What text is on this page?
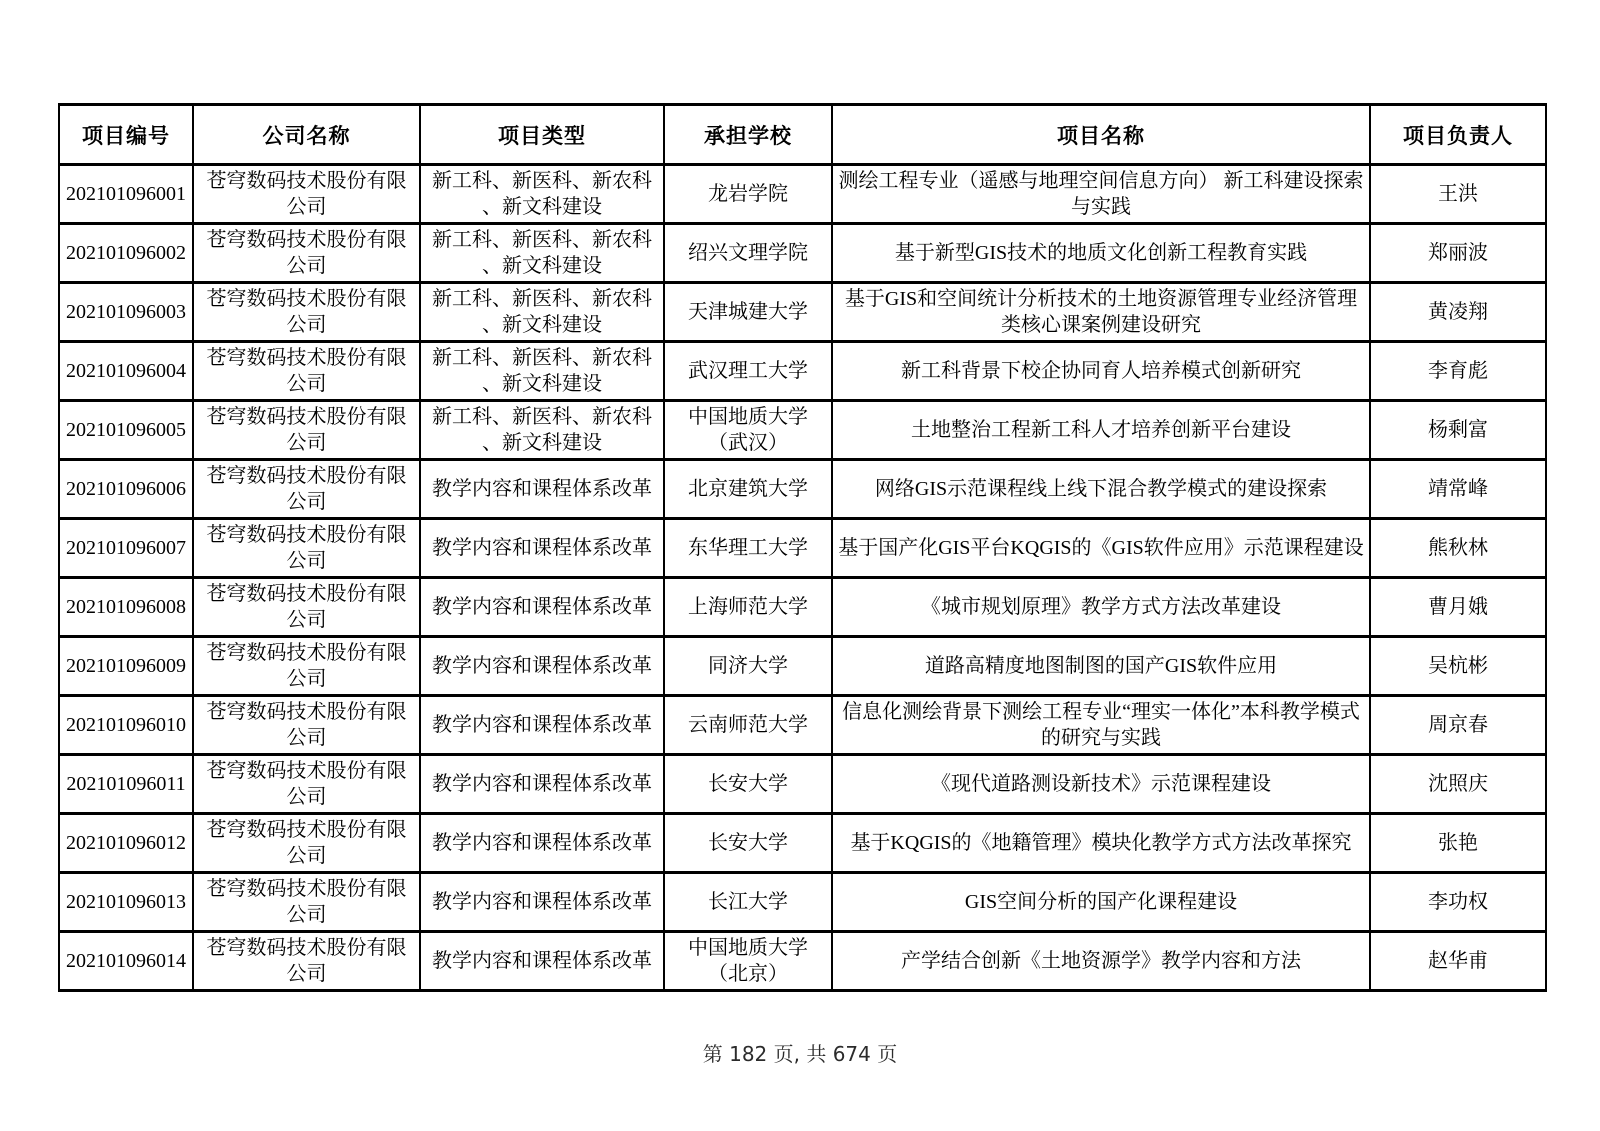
项目编号	公司名称	项目类型	承担学校	项目名称	项目负责人
202101096001	苍穹数码技术股份有限公司	新工科、新医科、新农科、新文科建设	龙岩学院	测绘工程专业（遥感与地理空间信息方向） 新工科建设探索与实践	王洪
202101096002	苍穹数码技术股份有限公司	新工科、新医科、新农科、新文科建设	绍兴文理学院	基于新型GIS技术的地质文化创新工程教育实践	郑丽波
202101096003	苍穹数码技术股份有限公司	新工科、新医科、新农科、新文科建设	天津城建大学	基于GIS和空间统计分析技术的土地资源管理专业经济管理类核心课案例建设研究	黄凌翔
202101096004	苍穹数码技术股份有限公司	新工科、新医科、新农科、新文科建设	武汉理工大学	新工科背景下校企协同育人培养模式创新研究	李育彪
202101096005	苍穹数码技术股份有限公司	新工科、新医科、新农科、新文科建设	中国地质大学（武汉）	土地整治工程新工科人才培养创新平台建设	杨剩富
202101096006	苍穹数码技术股份有限公司	教学内容和课程体系改革	北京建筑大学	网络GIS示范课程线上线下混合教学模式的建设探索	靖常峰
202101096007	苍穹数码技术股份有限公司	教学内容和课程体系改革	东华理工大学	基于国产化GIS平台KQGIS的《GIS软件应用》示范课程建设	熊秋林
202101096008	苍穹数码技术股份有限公司	教学内容和课程体系改革	上海师范大学	《城市规划原理》教学方式方法改革建设	曹月娥
202101096009	苍穹数码技术股份有限公司	教学内容和课程体系改革	同济大学	道路高精度地图制图的国产GIS软件应用	吴杭彬
202101096010	苍穹数码技术股份有限公司	教学内容和课程体系改革	云南师范大学	信息化测绘背景下测绘工程专业“理实一体化”本科教学模式的研究与实践	周京春
202101096011	苍穹数码技术股份有限公司	教学内容和课程体系改革	长安大学	《现代道路测设新技术》示范课程建设	沈照庆
202101096012	苍穹数码技术股份有限公司	教学内容和课程体系改革	长安大学	基于KQGIS的《地籍管理》模块化教学方式方法改革探究	张艳
202101096013	苍穹数码技术股份有限公司	教学内容和课程体系改革	长江大学	GIS空间分析的国产化课程建设	李功权
202101096014	苍穹数码技术股份有限公司	教学内容和课程体系改革	中国地质大学（北京）	产学结合创新《土地资源学》教学内容和方法	赵华甫
第 182 页, 共 674 页
